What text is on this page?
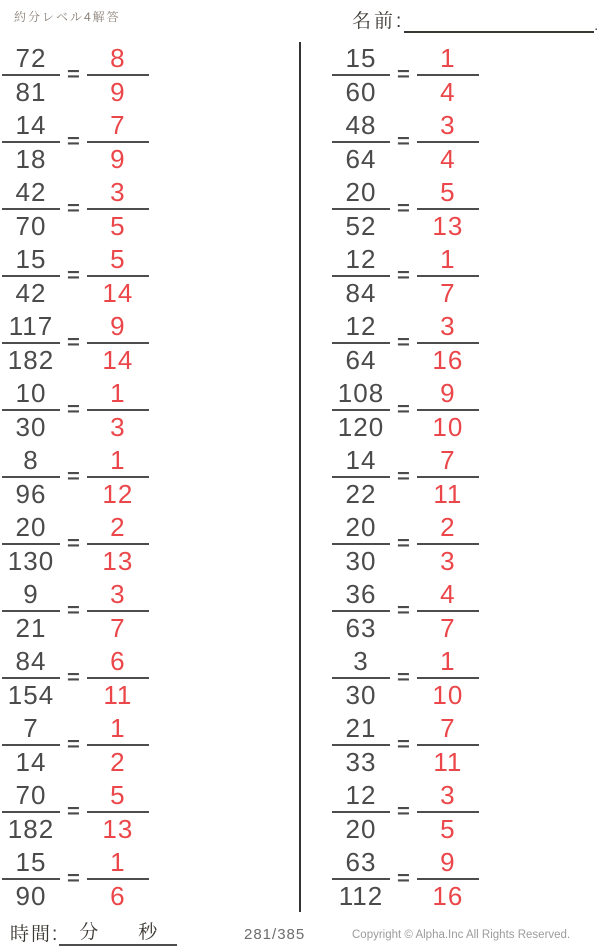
約分レベル4解答	名前:	.
$\frac{72}{81} = \frac{8}{9}$
$\frac{14}{18} = \frac{7}{9}$
$\frac{42}{70} = \frac{3}{5}$
$\frac{15}{42} = \frac{5}{14}$
$\frac{117}{182} = \frac{9}{14}$
$\frac{10}{30} = \frac{1}{3}$
$\frac{8}{96} = \frac{1}{12}$
$\frac{20}{130} = \frac{2}{13}$
$\frac{9}{21} = \frac{3}{7}$
$\frac{84}{154} = \frac{6}{11}$
$\frac{7}{14} = \frac{1}{2}$
$\frac{70}{182} = \frac{5}{13}$
$\frac{15}{90} = \frac{1}{6}$
$\frac{15}{60} = \frac{1}{4}$
$\frac{48}{64} = \frac{3}{4}$
$\frac{20}{52} = \frac{5}{13}$
$\frac{12}{84} = \frac{1}{7}$
$\frac{12}{64} = \frac{3}{16}$
$\frac{108}{120} = \frac{9}{10}$
$\frac{14}{22} = \frac{7}{11}$
$\frac{20}{30} = \frac{2}{3}$
$\frac{36}{63} = \frac{4}{7}$
$\frac{3}{30} = \frac{1}{10}$
$\frac{21}{33} = \frac{7}{11}$
$\frac{12}{20} = \frac{3}{5}$
$\frac{63}{112} = \frac{9}{16}$
時間: 分 秒	281/385	Copyright © Alpha.Inc All Rights Reserved.
